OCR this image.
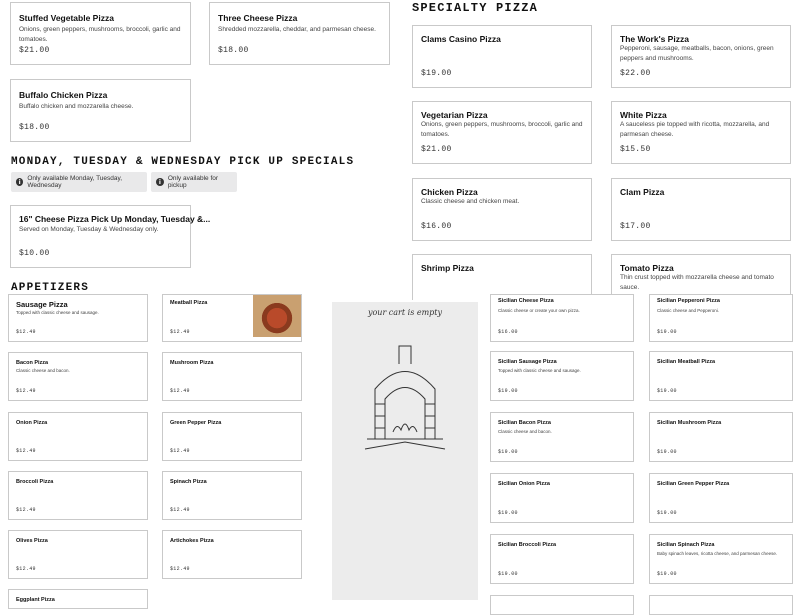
Stuffed Vegetable Pizza
Onions, green peppers, mushrooms, broccoli, garlic and tomatoes.
$21.00
Three Cheese Pizza
Shredded mozzarella, cheddar, and parmesan cheese.
$18.00
Buffalo Chicken Pizza
Buffalo chicken and mozzarella cheese.
$18.00
SPECIALTY PIZZA
Clams Casino Pizza
$19.00
The Work's Pizza
Pepperoni, sausage, meatballs, bacon, onions, green peppers and mushrooms.
$22.00
Vegetarian Pizza
Onions, green peppers, mushrooms, broccoli, garlic and tomatoes.
$21.00
White Pizza
A sauceless pie topped with ricotta, mozzarella, and parmesan cheese.
$15.50
Chicken Pizza
Classic cheese and chicken meat.
$16.00
Clam Pizza
$17.00
Shrimp Pizza	Tomato Pizza
Thin crust topped with mozzarella cheese and tomato sauce.
MONDAY, TUESDAY & WEDNESDAY PICK UP SPECIALS
i	Only available Monday, Tuesday, Wednesday	i	Only available for pickup
16" Cheese Pizza Pick Up Monday, Tuesday &...
Served on Monday, Tuesday & Wednesday only.
$10.00
APPETIZERS
Sausage Pizza
Topped with classic cheese and sausage.
$12.49
Bacon Pizza
Classic cheese and bacon.
$12.49
Onion Pizza
$12.49
Broccoli Pizza
$12.49
Olives Pizza
$12.49
Eggplant Pizza
Meatball Pizza
$12.49
Mushroom Pizza
$12.49
Green Pepper Pizza
$12.49
Spinach Pizza
$12.49
Artichokes Pizza
$12.49
your cart is empty
Sicilian Cheese Pizza
Classic cheese or create your own pizza.
$16.00
Sicilian Sausage Pizza
Topped with classic cheese and sausage.
$19.00
Sicilian Bacon Pizza
Classic cheese and bacon.
$19.00
Sicilian Onion Pizza
$19.00
Sicilian Broccoli Pizza
$19.00
Sicilian Pepperoni Pizza
Classic cheese and Pepperoni.
$19.00
Sicilian Meatball Pizza
$19.00
Sicilian Mushroom Pizza
$19.00
Sicilian Green Pepper Pizza
$19.00
Sicilian Spinach Pizza
Baby spinach leaves, ricotta cheese, and parmesan cheese.
$19.00
